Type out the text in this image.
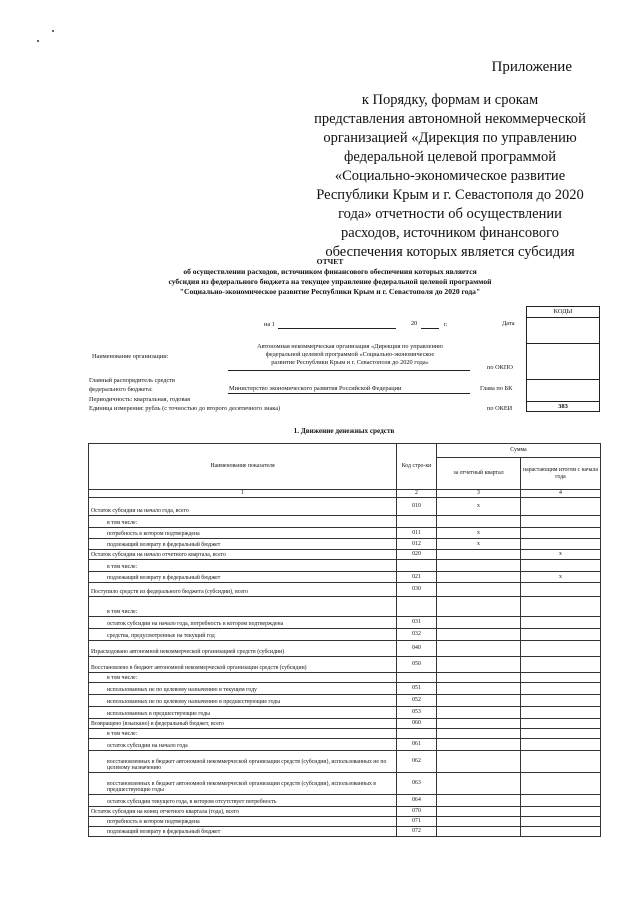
Приложение
к Порядку, формам и срокам
представления автономной некоммерческой
организацией «Дирекция по управлению
федеральной целевой программой
«Социально-экономическое развитие
Республики Крым и г. Севастополя до 2020
года» отчетности об осуществлении
расходов, источником финансового
обеспечения которых является субсидия
ОТЧЕТ
об осуществлении расходов, источником финансового обеспечения которых является
субсидия из федерального бюджета на текущее управление федеральной целевой программой
"Социально-экономическое развитие Республики Крым и г. Севастополя до 2020 года"
КОДЫ
383
на 1	20	г.	Дата
Наименование организации:
Автономная некоммерческая организация «Дирекция по управлению
федеральной целевой программой «Социально-экономическое
развитие Республики Крым и г. Севастополя до 2020 года»
по ОКПО
Главный распорядитель средств
федерального бюджета:	Министерство экономического развития Российской Федерации	Глава по БК
Периодичность: квартальная, годовая
Единица измерения: рубль (с точностью до второго десятичного знака)	по ОКЕИ
1. Движение денежных средств
Наименование показателя	Код стро-ки	Сумма	
		за отчетный квартал	нарастающим итогом с начала года
1	2	3	4
Остаток субсидии на начало года, всего	010	x	
в том числе:			
потребность в котором подтверждена	011	x	
подлежащий возврату в федеральный бюджет	012	x	
Остаток субсидии на начало отчетного квартала, всего	020		x
в том числе:			
подлежащий возврату в федеральный бюджет	021		x
Поступило средств из федерального бюджета (субсидии), всего	030		
в том числе:			
остаток субсидии на начало года, потребность в котором подтверждена	031		
средства, предусмотренные на текущий год	032		
Израсходовано автономной некоммерческой организацией средств (субсидии)	040		
Восстановлено в бюджет автономной некоммерческой организации средств (субсидии)	050		
в том числе:			
использованных не по целевому назначению в текущем году	051		
использованных не по целевому назначению в предшествующие годы	052		
использованных в предшествующие годы	053		
Возвращено (взыскано) в федеральный бюджет, всего	060		
в том числе:			
остаток субсидии на начало года	061		
восстановленных в бюджет автономной некоммерческой организации средств (субсидии), использованных не по целевому назначению	062		
восстановленных в бюджет автономной некоммерческой организации средств (субсидии), использованных в предшествующие годы	063		
остаток субсидии текущего года, в котором отсутствует потребность	064		
Остаток субсидии на конец отчетного квартала (года), всего	070		
потребность в котором подтверждена	071		
подлежащий возврату в федеральный бюджет	072		
